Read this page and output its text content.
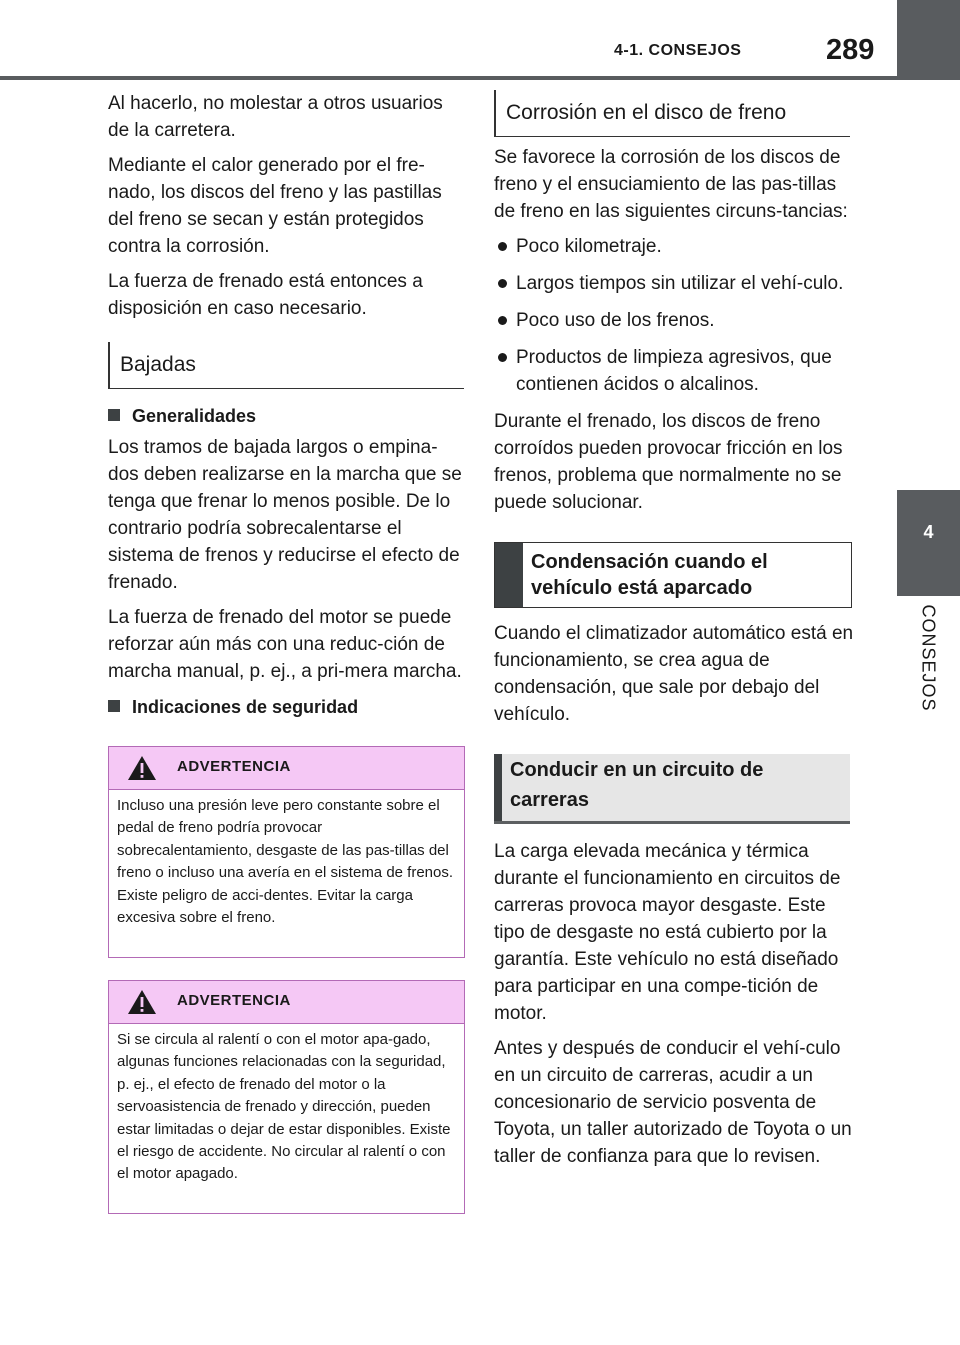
4-1. CONSEJOS	289
4
CONSEJOS

Al hacerlo, no molestar a otros usuarios de la carretera.

Mediante el calor generado por el fre-nado, los discos del freno y las pastillas del freno se secan y están protegidos contra la corrosión.

La fuerza de frenado está entonces a disposición en caso necesario.

Bajadas
Generalidades

Los tramos de bajada largos o empina-dos deben realizarse en la marcha que se tenga que frenar lo menos posible. De lo contrario podría sobrecalentarse el sistema de frenos y reducirse el efecto de frenado.

La fuerza de frenado del motor se puede reforzar aún más con una reduc-ción de marcha manual, p. ej., a pri-mera marcha.

Indicaciones de seguridad
ADVERTENCIA
Incluso una presión leve pero constante sobre el pedal de freno podría provocar sobrecalentamiento, desgaste de las pas-tillas del freno o incluso una avería en el sistema de frenos. Existe peligro de acci-dentes. Evitar la carga excesiva sobre el freno.
ADVERTENCIA
Si se circula al ralentí o con el motor apa-gado, algunas funciones relacionadas con la seguridad, p. ej., el efecto de frenado del motor o la servoasistencia de frenado y dirección, pueden estar limitadas o dejar de estar disponibles. Existe el riesgo de accidente. No circular al ralentí o con el motor apagado.
Corrosión en el disco de freno

Se favorece la corrosión de los discos de freno y el ensuciamiento de las pas-tillas de freno en las siguientes circuns-tancias:

Poco kilometraje.
Largos tiempos sin utilizar el vehí-culo.
Poco uso de los frenos.
Productos de limpieza agresivos, que contienen ácidos o alcalinos.

Durante el frenado, los discos de freno corroídos pueden provocar fricción en los frenos, problema que normalmente no se puede solucionar.

Condensación cuando el vehículo está aparcado

Cuando el climatizador automático está en funcionamiento, se crea agua de condensación, que sale por debajo del vehículo.

Conducir en un circuito de carreras

La carga elevada mecánica y térmica durante el funcionamiento en circuitos de carreras provoca mayor desgaste. Este tipo de desgaste no está cubierto por la garantía. Este vehículo no está diseñado para participar en una compe-tición de motor.

Antes y después de conducir el vehí-culo en un circuito de carreras, acudir a un concesionario de servicio posventa de Toyota, un taller autorizado de Toyota o un taller de confianza para que lo revisen.
